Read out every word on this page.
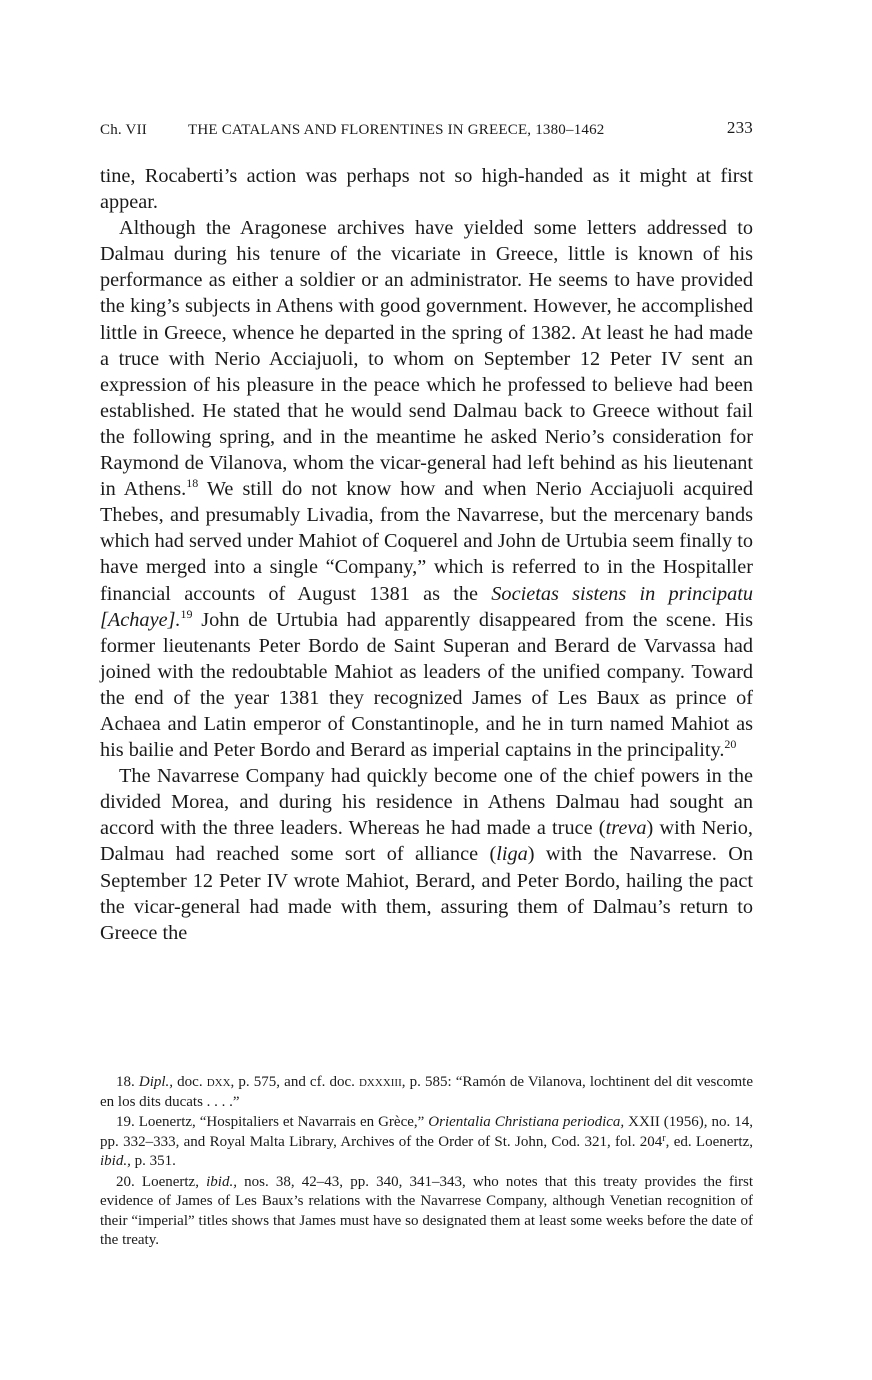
Ch. VII	THE CATALANS AND FLORENTINES IN GREECE, 1380–1462	233

tine, Rocaberti’s action was perhaps not so high-handed as it might at first appear.

Although the Aragonese archives have yielded some letters addressed to Dalmau during his tenure of the vicariate in Greece, little is known of his performance as either a soldier or an administrator. He seems to have provided the king’s subjects in Athens with good government. However, he accomplished little in Greece, whence he departed in the spring of 1382. At least he had made a truce with Nerio Acciajuoli, to whom on September 12 Peter IV sent an expression of his pleasure in the peace which he professed to believe had been established. He stated that he would send Dalmau back to Greece without fail the following spring, and in the meantime he asked Nerio’s consideration for Raymond de Vilanova, whom the vicar-general had left behind as his lieutenant in Athens.$^{18}$ We still do not know how and when Nerio Acciajuoli acquired Thebes, and presumably Livadia, from the Navarrese, but the mercenary bands which had served under Mahiot of Coquerel and John de Urtubia seem finally to have merged into a single “Company,” which is referred to in the Hospitaller financial accounts of August 1381 as the Societas sistens in principatu [Achaye].$^{19}$ John de Urtubia had apparently disappeared from the scene. His former lieutenants Peter Bordo de Saint Superan and Berard de Varvassa had joined with the redoubtable Mahiot as leaders of the unified company. Toward the end of the year 1381 they recognized James of Les Baux as prince of Achaea and Latin emperor of Constantinople, and he in turn named Mahiot as his bailie and Peter Bordo and Berard as imperial captains in the principality.$^{20}$

The Navarrese Company had quickly become one of the chief powers in the divided Morea, and during his residence in Athens Dalmau had sought an accord with the three leaders. Whereas he had made a truce (treva) with Nerio, Dalmau had reached some sort of alliance (liga) with the Navarrese. On September 12 Peter IV wrote Mahiot, Berard, and Peter Bordo, hailing the pact the vicar-general had made with them, assuring them of Dalmau’s return to Greece the

18. Dipl., doc. dxx, p. 575, and cf. doc. dxxxiii, p. 585: “Ramón de Vilanova, lochtinent del dit vescomte en los dits ducats . . . .”

19. Loenertz, “Hospitaliers et Navarrais en Grèce,” Orientalia Christiana periodica, XXII (1956), no. 14, pp. 332–333, and Royal Malta Library, Archives of the Order of St. John, Cod. 321, fol. 204$^r$, ed. Loenertz, ibid., p. 351.

20. Loenertz, ibid., nos. 38, 42–43, pp. 340, 341–343, who notes that this treaty provides the first evidence of James of Les Baux’s relations with the Navarrese Company, although Venetian recognition of their “imperial” titles shows that James must have so designated them at least some weeks before the date of the treaty.
